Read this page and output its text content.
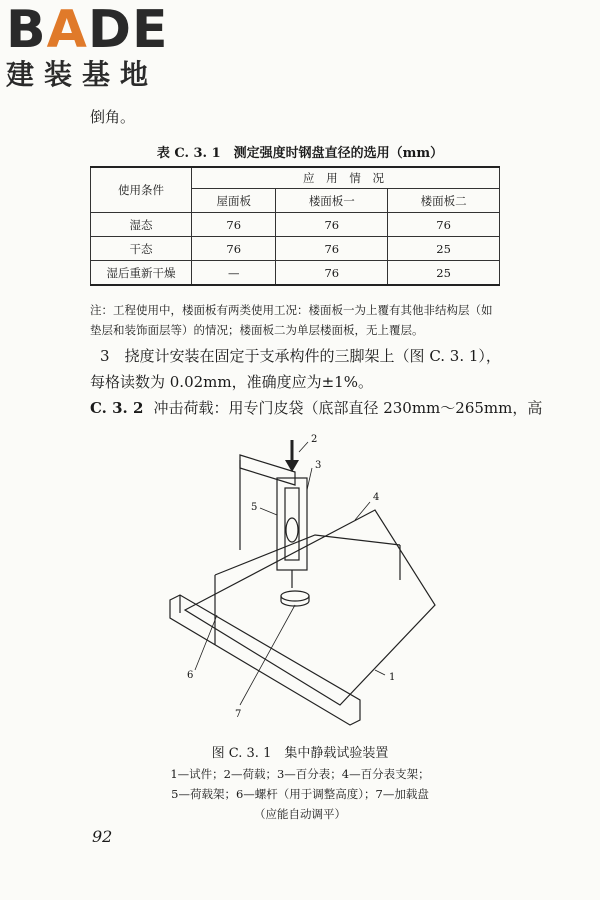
BADE
建装基地
倒角。
表 C. 3. 1　测定强度时钢盘直径的选用（mm）
使用条件	应 用 情 况		
	屋面板	楼面板一	楼面板二
湿态	76	76	76
干态	76	76	25
湿后重新干燥	—	76	25
注：工程使用中，楼面板有两类使用工况：楼面板一为上覆有其他非结构层（如垫层和装饰面层等）的情况；楼面板二为单层楼面板，无上覆层。
3　挠度计安装在固定于支承构件的三脚架上（图 C. 3. 1），
每格读数为 0.02mm，准确度应为±1%。
C. 3. 2 冲击荷载：用专门皮袋（底部直径 230mm～265mm，高
2
3
4
5
6
7
1
图 C. 3. 1　集中静载试验装置
1—试件；2—荷载；3—百分表；4—百分表支架；
5—荷载架；6—螺杆（用于调整高度）；7—加载盘
（应能自动调平）
92
